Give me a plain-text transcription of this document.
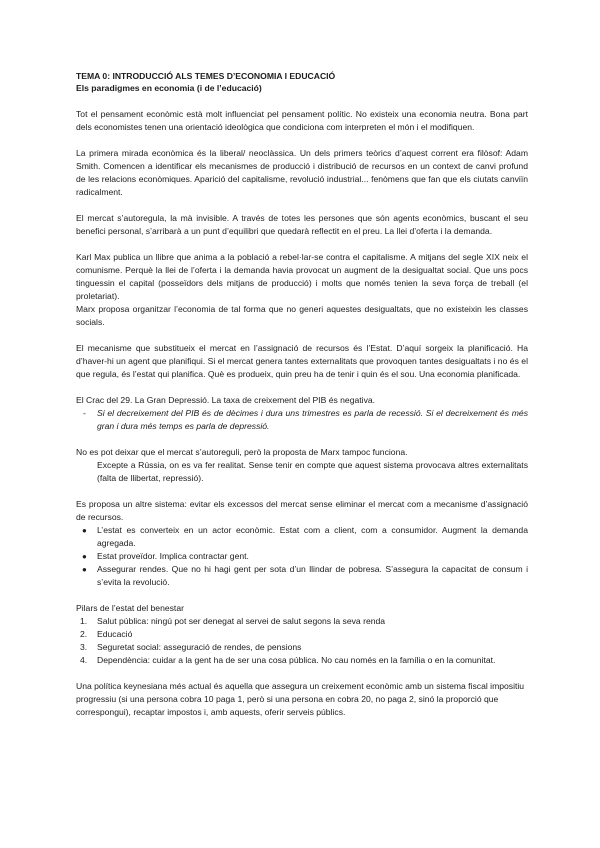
TEMA 0: INTRODUCCIÓ ALS TEMES D’ECONOMIA I EDUCACIÓ
Els paradigmes en economia (i de l’educació)

Tot el pensament econòmic està molt influenciat pel pensament polític. No existeix una economia neutra. Bona part dels economistes tenen una orientació ideològica que condiciona com interpreten el món i el modifiquen.

La primera mirada econòmica és la liberal/ neoclàssica. Un dels primers teòrics d’aquest corrent era filòsof: Adam Smith. Comencen a identificar els mecanismes de producció i distribució de recursos en un context de canvi profund de les relacions econòmiques. Aparició del capitalisme, revolució industrial... fenòmens que fan que els ciutats canviïn radicalment.

El mercat s’autoregula, la mà invisible. A través de totes les persones que són agents econòmics, buscant el seu benefici personal, s’arribarà a un punt d’equilibri que quedarà reflectit en el preu. La llei d’oferta i la demanda.

Karl Max publica un llibre que anima a la població a rebel·lar-se contra el capitalisme. A mitjans del segle XIX neix el comunisme. Perquè la llei de l’oferta i la demanda havia provocat un augment de la desigualtat social. Que uns pocs tinguessin el capital (posseïdors dels mitjans de producció) i molts que només tenien la seva força de treball (el proletariat).

Marx proposa organitzar l’economia de tal forma que no generi aquestes desigualtats, que no existeixin les classes socials.

El mecanisme que substitueix el mercat en l’assignació de recursos és l’Estat. D’aquí sorgeix la planificació. Ha d’haver-hi un agent que planifiqui. Si el mercat genera tantes externalitats que provoquen tantes desigualtats i no és el que regula, és l’estat qui planifica. Què es produeix, quin preu ha de tenir i quin és el sou. Una economia planificada.

El Crac del 29. La Gran Depressió. La taxa de creixement del PIB és negativa.

- Si el decreixement del PIB és de dècimes i dura uns trimestres es parla de recessió. Si el decreixement és més gran i dura més temps es parla de depressió.

No es pot deixar que el mercat s’autoreguli, però la proposta de Marx tampoc funciona.

Excepte a Rússia, on es va fer realitat. Sense tenir en compte que aquest sistema provocava altres externalitats (falta de llibertat, repressió).

Es proposa un altre sistema: evitar els excessos del mercat sense eliminar el mercat com a mecanisme d’assignació de recursos.

● L’estat es converteix en un actor econòmic. Estat com a client, com a consumidor. Augment la demanda agregada.
● Estat proveïdor. Implica contractar gent.
● Assegurar rendes. Que no hi hagi gent per sota d’un llindar de pobresa. S’assegura la capacitat de consum i s’evita la revolució.

Pilars de l’estat del benestar

1. Salut pública: ningú pot ser denegat al servei de salut segons la seva renda
2. Educació
3. Seguretat social: asseguració de rendes, de pensions
4. Dependència: cuidar a la gent ha de ser una cosa pública. No cau només en la família o en la comunitat.

Una política keynesiana més actual és aquella que assegura un creixement econòmic amb un sistema fiscal impositiu progressiu (si una persona cobra 10 paga 1, però si una persona en cobra 20, no paga 2, sinó la proporció que correspongui), recaptar impostos i, amb aquests, oferir serveis públics.
